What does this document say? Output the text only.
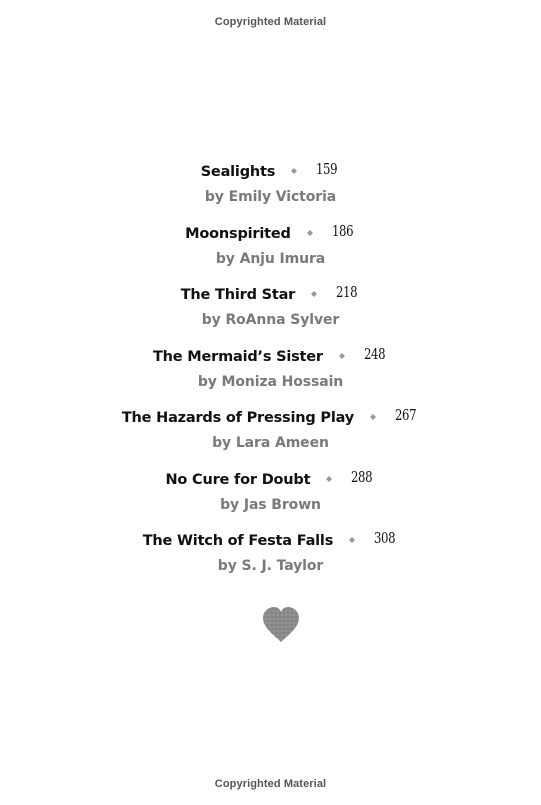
Copyrighted Material
Sealights	159
by Emily Victoria
Moonspirited	186
by Anju Imura
The Third Star	218
by RoAnna Sylver
The Mermaid’s Sister	248
by Moniza Hossain
The Hazards of Pressing Play	267
by Lara Ameen
No Cure for Doubt	288
by Jas Brown
The Witch of Festa Falls	308
by S. J. Taylor
Copyrighted Material
